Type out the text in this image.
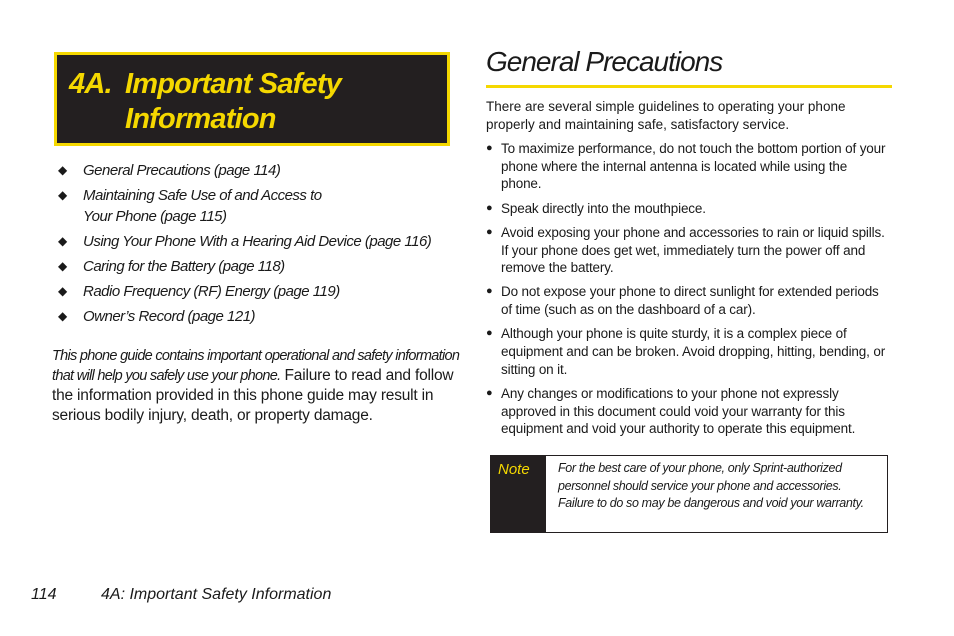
4A. Important Safety
Information
◆ General Precautions (page 114)
◆ Maintaining Safe Use of and Access to Your Phone (page 115)
◆ Using Your Phone With a Hearing Aid Device (page 116)
◆ Caring for the Battery (page 118)
◆ Radio Frequency (RF) Energy (page 119)
◆ Owner’s Record (page 121)

This phone guide contains important operational and safety information that will help you safely use your phone. Failure to read and follow the information provided in this phone guide may result in serious bodily injury, death, or property damage.

General Precautions

There are several simple guidelines to operating your phone properly and maintaining safe, satisfactory service.

● To maximize performance, do not touch the bottom portion of your phone where the internal antenna is located while using the phone.
● Speak directly into the mouthpiece.
● Avoid exposing your phone and accessories to rain or liquid spills. If your phone does get wet, immediately turn the power off and remove the battery.
● Do not expose your phone to direct sunlight for extended periods of time (such as on the dashboard of a car).
● Although your phone is quite sturdy, it is a complex piece of equipment and can be broken. Avoid dropping, hitting, bending, or sitting on it.
● Any changes or modifications to your phone not expressly approved in this document could void your warranty for this equipment and void your authority to operate this equipment.
Note	For the best care of your phone, only Sprint-authorized personnel should service your phone and accessories. Failure to do so may be dangerous and void your warranty.
114	4A: Important Safety Information
